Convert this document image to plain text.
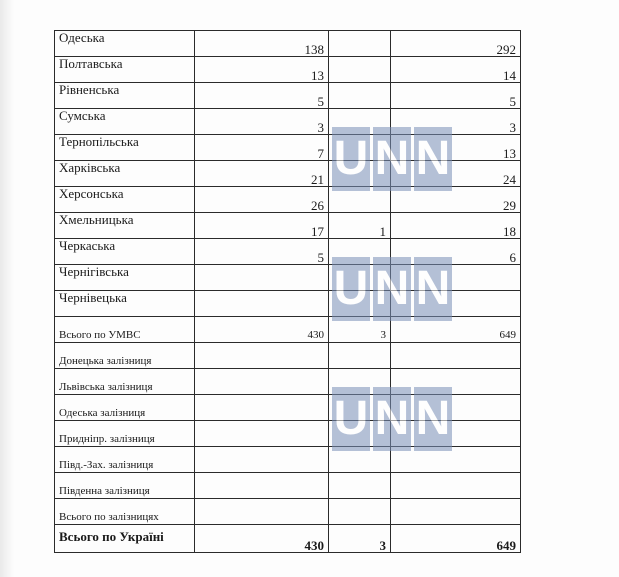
Одеська	138		292
Полтавська	13		14
Рівненська	5		5
Сумська	3		3
Тернопільська	7		13
Харківська	21		24
Херсонська	26		29
Хмельницька	17	1	18
Черкаська	5		6
Чернігівська			
Чернівецька			
Всього по УМВС	430	3	649
Донецька залізниця			
Львівська залізниця			
Одеська залізниця			
Придніпр. залізниця			
Півд.-Зах. залізниця			
Південна залізниця			
Всього по залізницях			
Всього по Україні	430	3	649
U N N
U N N
U N N
